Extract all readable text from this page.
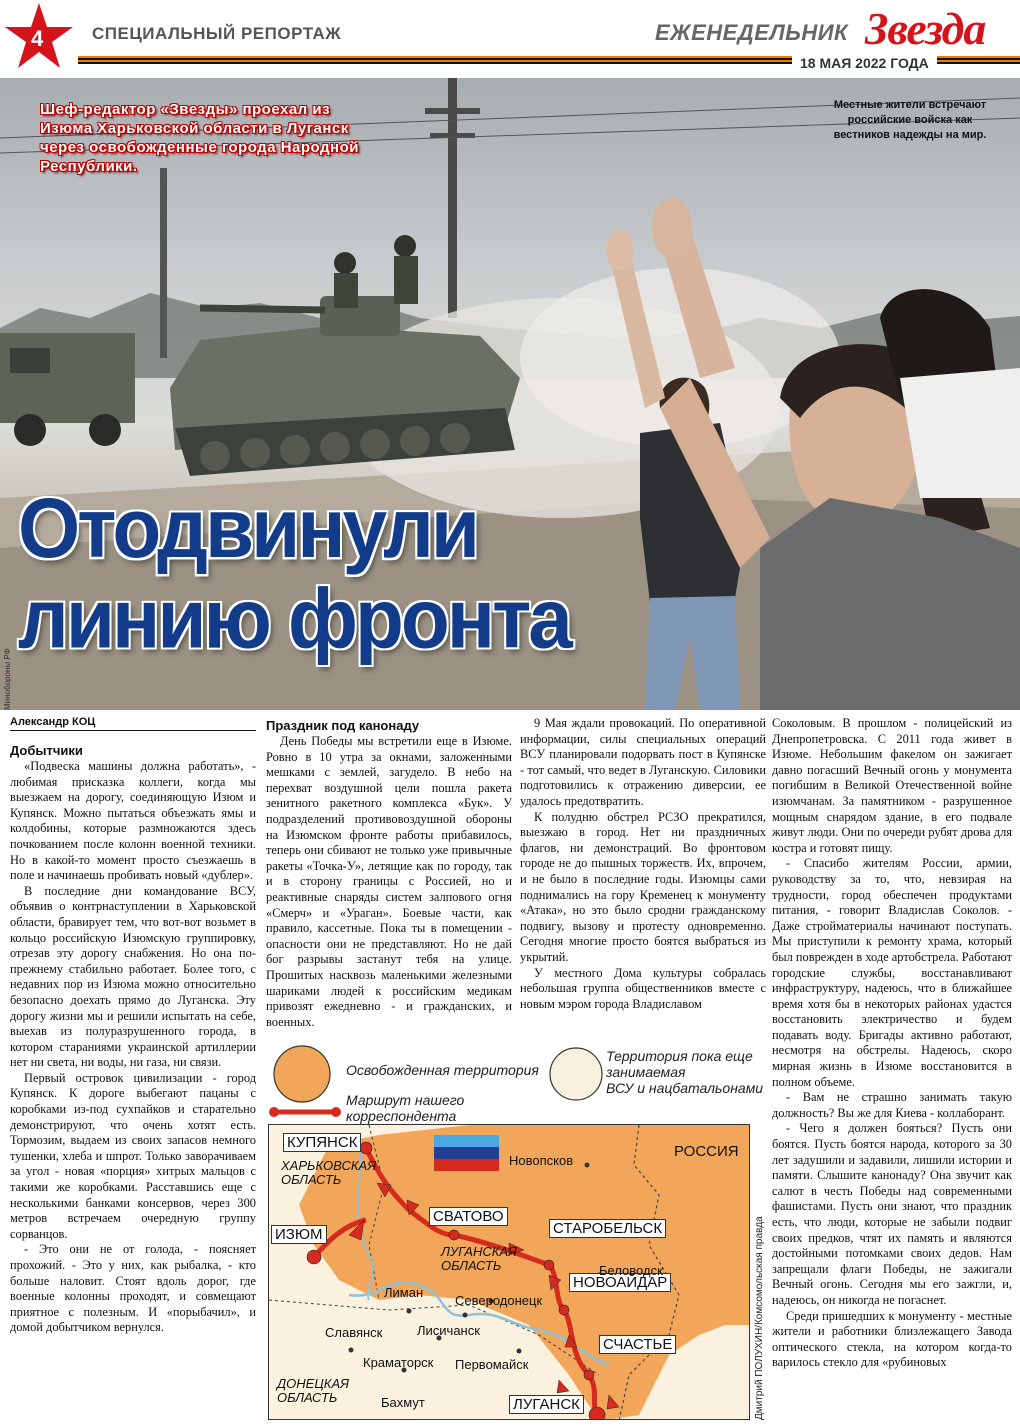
4	СПЕЦИАЛЬНЫЙ РЕПОРТАЖ	ЕЖЕНЕДЕЛЬНИК Звезда
18 МАЯ 2022 ГОДА
Шеф-редактор «Звезды» проехал из Изюма Харьковской области в Луганск через освобожденные города Народной Республики.
Местные жители встречают российские войска как вестников надежды на мир.
Отодвинули
линию фронта
Минобороны РФ

Александр КОЦ

Добытчики

«Подвеска машины должна работать», - любимая присказка коллеги, когда мы выезжаем на дорогу, соединяющую Изюм и Купянск. Можно пытаться объезжать ямы и колдобины, которые размножаются здесь почкованием после колонн военной техники. Но в какой-то момент просто съезжаешь в поле и начинаешь пробивать новый «дублер».

В последние дни командование ВСУ, объявив о контрнаступлении в Харьковской области, бравирует тем, что вот-вот возьмет в кольцо российскую Изюмскую группировку, отрезав эту дорогу снабжения. Но она по-прежнему стабильно работает. Более того, с недавних пор из Изюма можно относительно безопасно доехать прямо до Луганска. Эту дорогу жизни мы и решили испытать на себе, выехав из полуразрушенного города, в котором стараниями украинской артиллерии нет ни света, ни воды, ни газа, ни связи.

Первый островок цивилизации - город Купянск. К дороге выбегают пацаны с коробками из-под сухпайков и старательно демонстрируют, что очень хотят есть. Тормозим, выдаем из своих запасов немного тушенки, хлеба и шпрот. Только заворачиваем за угол - новая «порция» хитрых мальцов с такими же коробками. Расставшись еще с несколькими банками консервов, через 300 метров встречаем очередную группу сорванцов.

- Это они не от голода, - поясняет прохожий. - Это у них, как рыбалка, - кто больше наловит. Стоят вдоль дорог, где военные колонны проходят, и совмещают приятное с полезным. И «порыбачил», и домой добытчиком вернулся.

Праздник под канонаду

День Победы мы встретили еще в Изюме. Ровно в 10 утра за окнами, заложенными мешками с землей, загудело. В небо на перехват воздушной цели пошла ракета зенитного ракетного комплекса «Бук». У подразделений противовоздушной обороны на Изюмском фронте работы прибавилось, теперь они сбивают не только уже привычные ракеты «Точка-У», летящие как по городу, так и в сторону границы с Россией, но и реактивные снаряды систем залпового огня «Смерч» и «Ураган». Боевые части, как правило, кассетные. Пока ты в помещении - опасности они не представляют. Но не дай бог разрывы застанут тебя на улице. Прошитых насквозь маленькими железными шариками людей к российским медикам привозят ежедневно - и гражданских, и военных.

9 Мая ждали провокаций. По оперативной информации, силы специальных операций ВСУ планировали подорвать пост в Купянске - тот самый, что ведет в Луганскую. Силовики подготовились к отражению диверсии, ее удалось предотвратить.

К полудню обстрел РСЗО прекратился, выезжаю в город. Нет ни праздничных флагов, ни демонстраций. Во фронтовом городе не до пышных торжеств. Их, впрочем, и не было в последние годы. Изюмцы сами поднимались на гору Кременец к монументу «Атака», но это было сродни гражданскому подвигу, вызову и протесту одновременно. Сегодня многие просто боятся выбраться из укрытий.

У местного Дома культуры собралась небольшая группа общественников вместе с новым мэром города Владиславом

Соколовым. В прошлом - полицейский из Днепропетровска. С 2011 года живет в Изюме. Небольшим факелом он зажигает давно погасший Вечный огонь у монумента погибшим в Великой Отечественной войне изюмчанам. За памятником - разрушенное мощным снарядом здание, в его подвале живут люди. Они по очереди рубят дрова для костра и готовят пищу.

- Спасибо жителям России, армии, руководству за то, что, невзирая на трудности, город обеспечен продуктами питания, - говорит Владислав Соколов. - Даже стройматериалы начинают поступать. Мы приступили к ремонту храма, который был поврежден в ходе артобстрела. Работают городские службы, восстанавливают инфраструктуру, надеюсь, что в ближайшее время хотя бы в некоторых районах удастся восстановить электричество и будем подавать воду. Бригады активно работают, несмотря на обстрелы. Надеюсь, скоро мирная жизнь в Изюме восстановится в полном объеме.

- Вам не страшно занимать такую должность? Вы же для Киева - коллаборант.

- Чего я должен бояться? Пусть они боятся. Пусть боятся народа, которого за 30 лет задушили и задавили, лишили истории и памяти. Слышите канонаду? Она звучит как салют в честь Победы над современными фашистами. Пусть они знают, что праздник есть, что люди, которые не забыли подвиг своих предков, чтят их память и являются достойными потомками своих дедов. Нам запрещали флаги Победы, не зажигали Вечный огонь. Сегодня мы его зажгли, и, надеюсь, он никогда не погаснет.

Среди пришедших к монументу - местные жители и работники близлежащего Завода оптического стекла, на котором когда-то варилось стекло для «рубиновых

Освобожденная территория
Маршрут нашего
корреспондента
Территория пока еще
занимаемая
ВСУ и нацбатальонами
КУПЯНСК
ХАРЬКОВСКАЯ
ОБЛАСТЬ
ИЗЮМ
СВАТОВО
СТАРОБЕЛЬСК
НОВОАЙДАР
СЧАСТЬЕ
ЛУГАНСК
РОССИЯ
Новопсков
Беловодск
ЛУГАНСКАЯ
ОБЛАСТЬ
Лиман
Северодонецк
Славянск	Лисичанск
Краматорск Первомайск
ДОНЕЦКАЯ
ОБЛАСТЬ	Бахмут	Дмитрий ПОЛУХИН/Комсомольская правда
